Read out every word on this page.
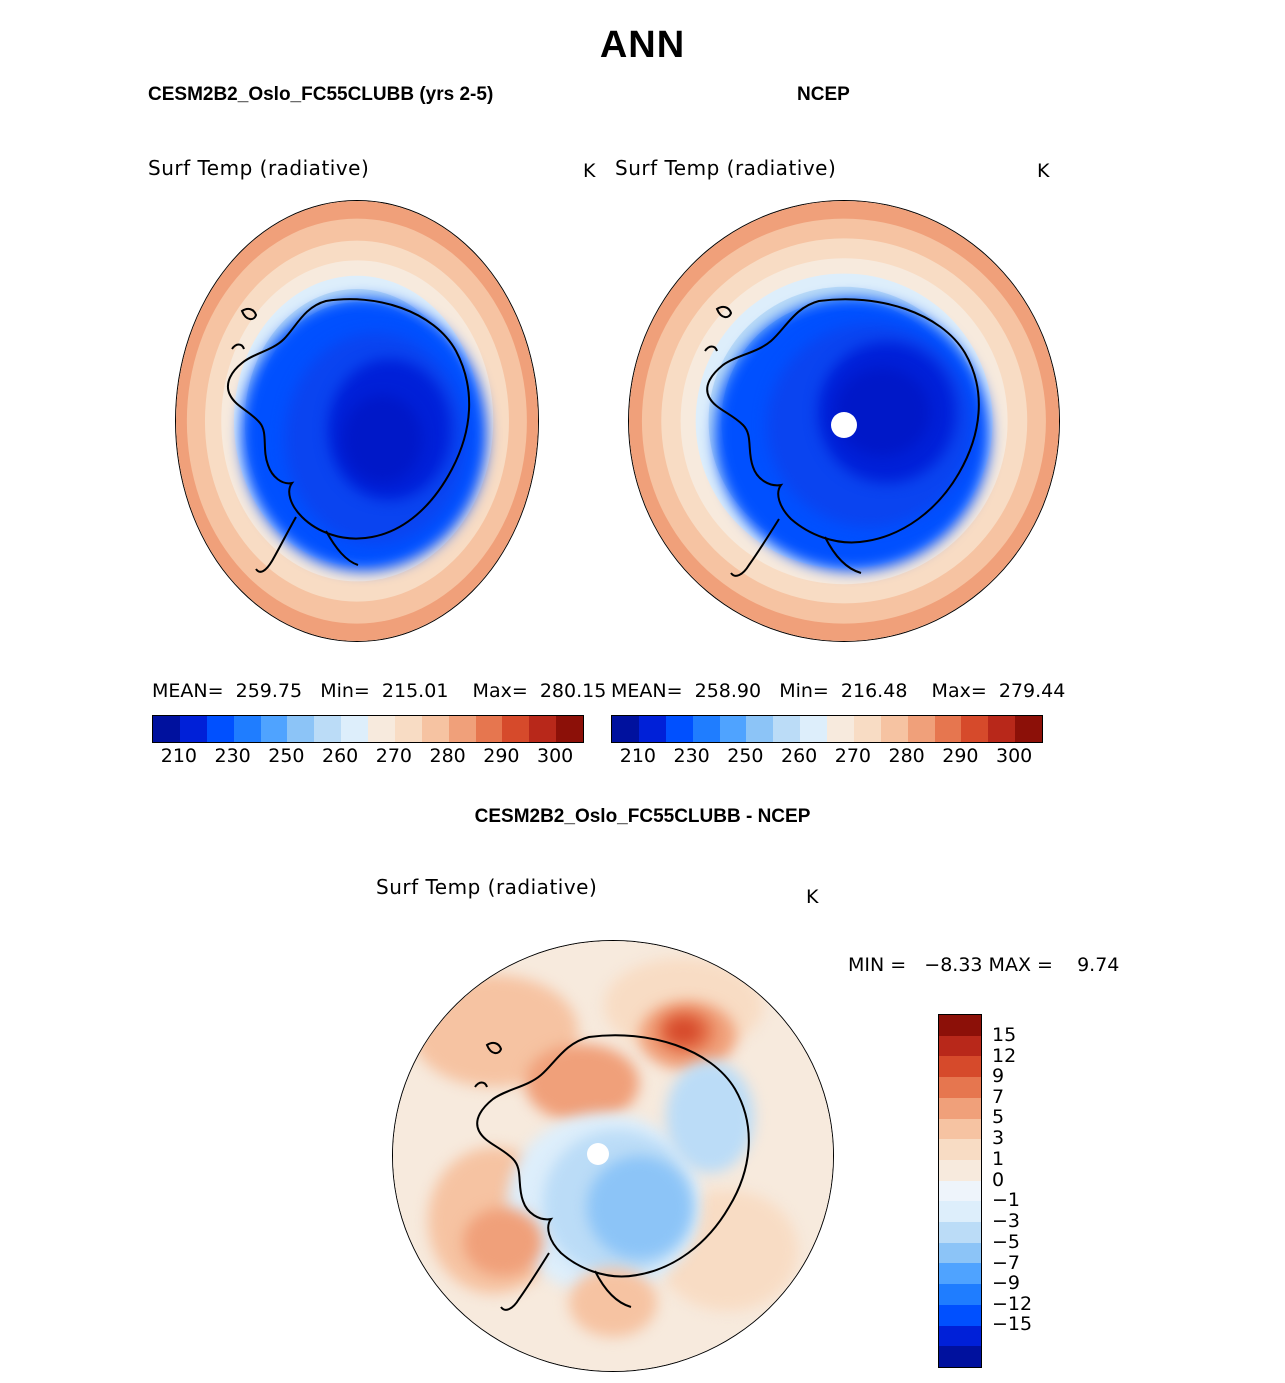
ANN
CESM2B2_Oslo_FC55CLUBB (yrs 2-5)
Surf Temp (radiative)	K
MEAN=  259.75   Min=  215.01    Max=  280.15
210 230 250 260 270 280 290 300
NCEP
Surf Temp (radiative)	K
MEAN=  258.90   Min=  216.48    Max=  279.44
210 230 250 260 270 280 290 300
CESM2B2_Oslo_FC55CLUBB - NCEP
Surf Temp (radiative)	K
MIN =   −8.33 MAX =    9.74
15
12
9
7
5
3
1
0
−1
−3
−5
−7
−9
−12
−15
